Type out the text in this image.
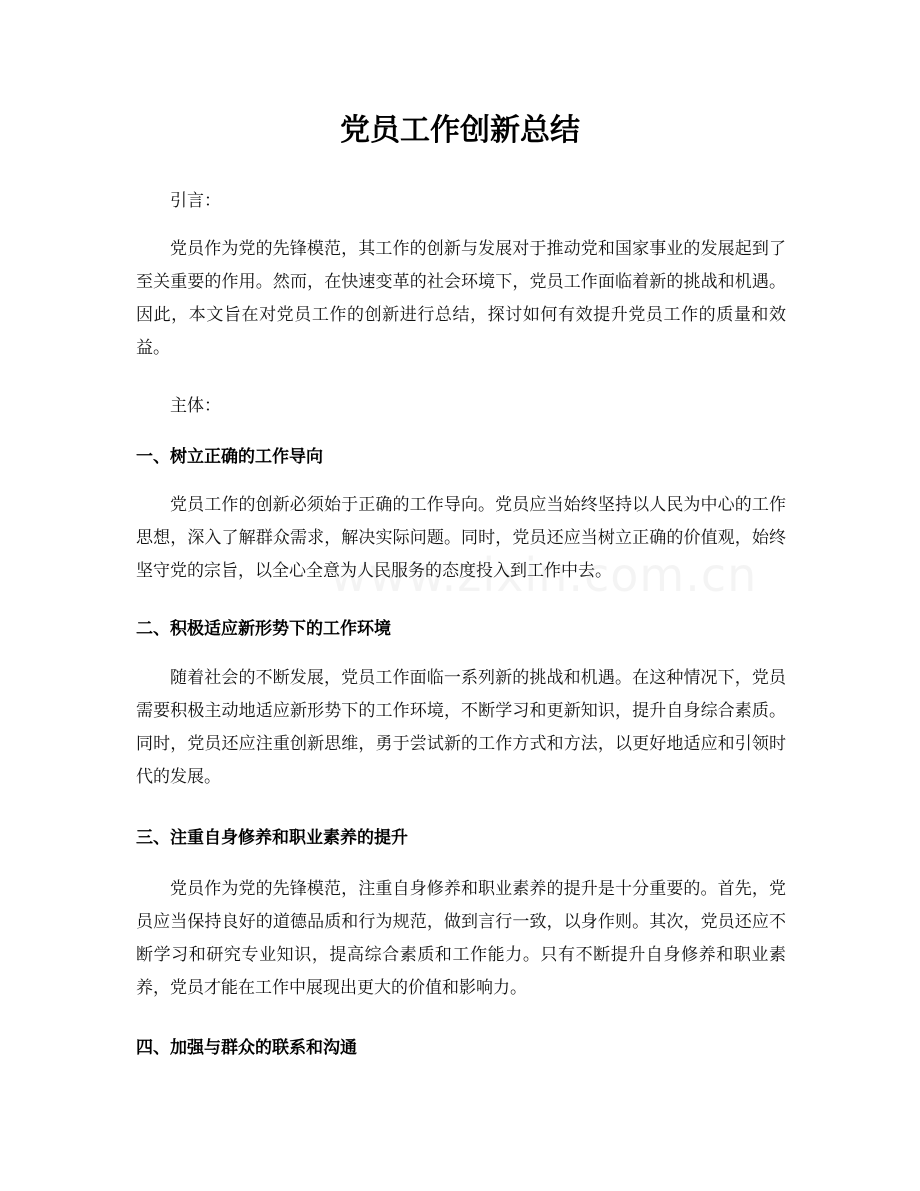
党员工作创新总结

引言：

党员作为党的先锋模范，其工作的创新与发展对于推动党和国家事业的发展起到了至关重要的作用。然而，在快速变革的社会环境下，党员工作面临着新的挑战和机遇。因此，本文旨在对党员工作的创新进行总结，探讨如何有效提升党员工作的质量和效益。

主体：

一、树立正确的工作导向

党员工作的创新必须始于正确的工作导向。党员应当始终坚持以人民为中心的工作思想，深入了解群众需求，解决实际问题。同时，党员还应当树立正确的价值观，始终坚守党的宗旨，以全心全意为人民服务的态度投入到工作中去。

二、积极适应新形势下的工作环境

随着社会的不断发展，党员工作面临一系列新的挑战和机遇。在这种情况下，党员需要积极主动地适应新形势下的工作环境，不断学习和更新知识，提升自身综合素质。同时，党员还应注重创新思维，勇于尝试新的工作方式和方法，以更好地适应和引领时代的发展。

三、注重自身修养和职业素养的提升

党员作为党的先锋模范，注重自身修养和职业素养的提升是十分重要的。首先，党员应当保持良好的道德品质和行为规范，做到言行一致，以身作则。其次，党员还应不断学习和研究专业知识，提高综合素质和工作能力。只有不断提升自身修养和职业素养，党员才能在工作中展现出更大的价值和影响力。

四、加强与群众的联系和沟通
